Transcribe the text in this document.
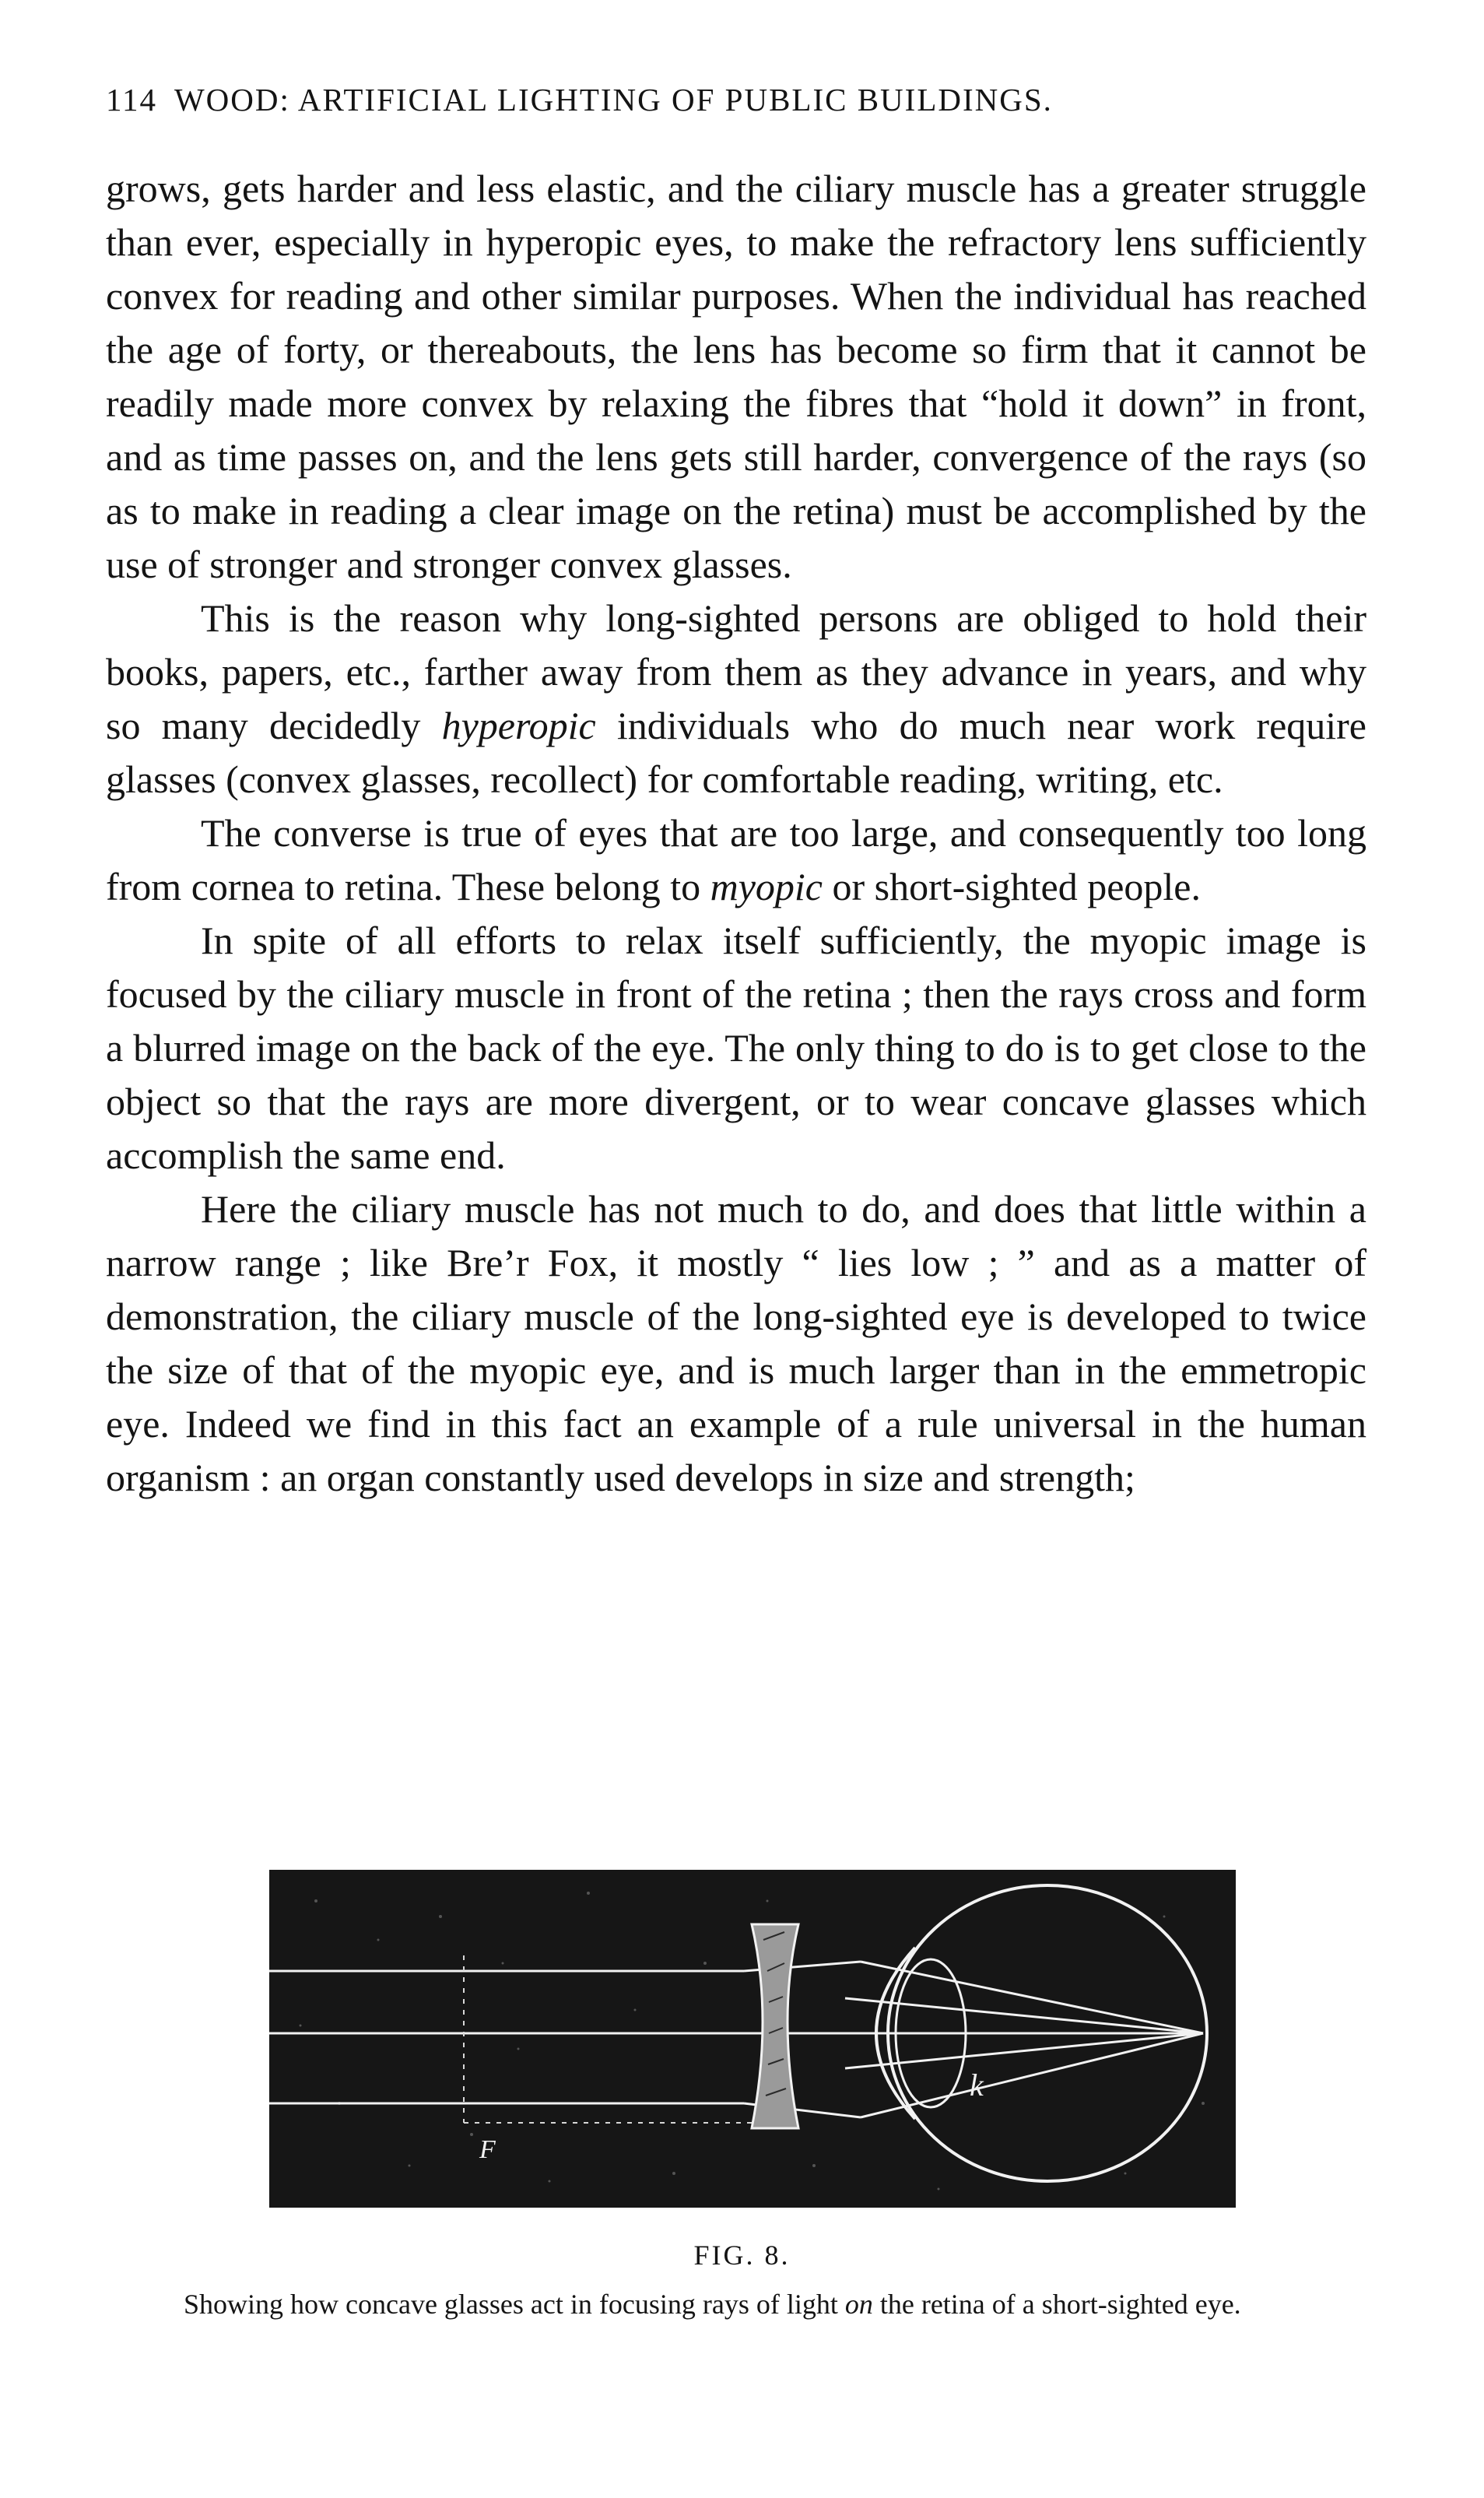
114 WOOD: ARTIFICIAL LIGHTING OF PUBLIC BUILDINGS.

grows, gets harder and less elastic, and the ciliary muscle has a greater struggle than ever, especially in hyperopic eyes, to make the refractory lens sufficiently convex for reading and other similar purposes. When the individual has reached the age of forty, or thereabouts, the lens has become so firm that it cannot be readily made more convex by relaxing the fibres that “hold it down” in front, and as time passes on, and the lens gets still harder, convergence of the rays (so as to make in reading a clear image on the retina) must be accomplished by the use of stronger and stronger convex glasses.

This is the reason why long-sighted persons are obliged to hold their books, papers, etc., farther away from them as they advance in years, and why so many decidedly hyperopic individuals who do much near work require glasses (convex glasses, recollect) for comfortable reading, writing, etc.

The converse is true of eyes that are too large, and consequently too long from cornea to retina. These belong to myopic or short-sighted people.

In spite of all efforts to relax itself sufficiently, the myopic image is focused by the ciliary muscle in front of the retina ; then the rays cross and form a blurred image on the back of the eye. The only thing to do is to get close to the object so that the rays are more divergent, or to wear concave glasses which accomplish the same end.

Here the ciliary muscle has not much to do, and does that little within a narrow range ; like Bre’r Fox, it mostly “ lies low ; ” and as a matter of demonstration, the ciliary muscle of the long-sighted eye is developed to twice the size of that of the myopic eye, and is much larger than in the emmetropic eye. Indeed we find in this fact an example of a rule universal in the human organism : an organ constantly used develops in size and strength;

k
F
FIG. 8.
Showing how concave glasses act in focusing rays of light on the retina of a short-sighted eye.
